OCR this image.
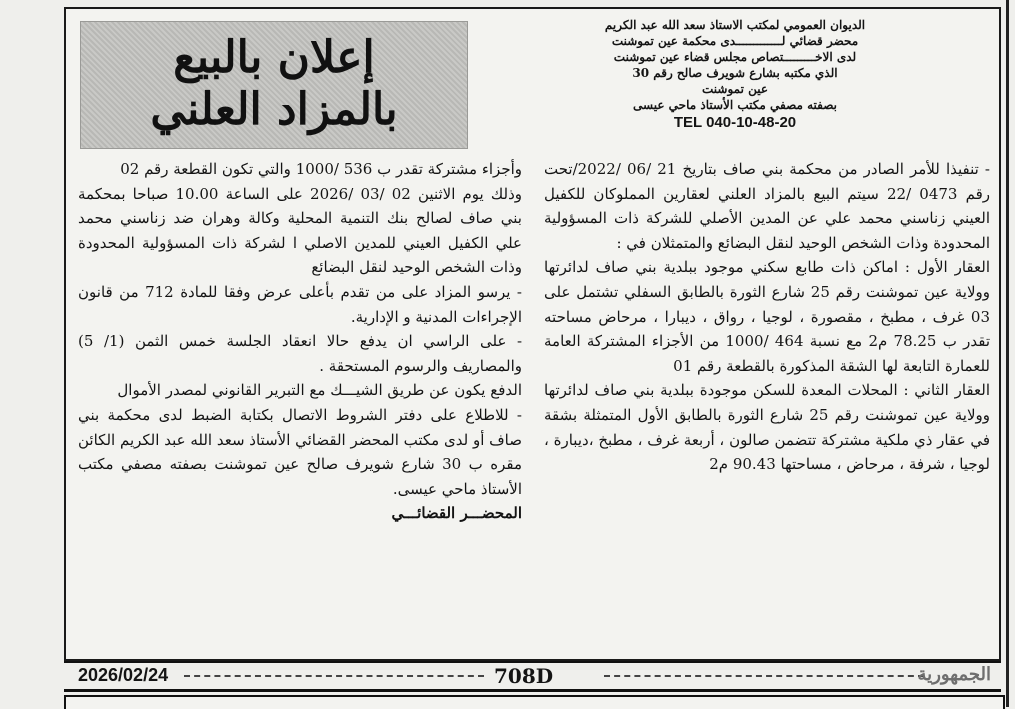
إعلان بالبيع
بالمزاد العلني
الديوان العمومي لمكتب الاستاذ سعد الله عبد الكريم
محضر قضائي لـــــــــــــدى محكمة عين تموشنت
لدى الاخـــــــــتصاص مجلس قضاء عين تموشنت
الذي مكتبه بشارع شويرف صالح رقم 30
عين تموشنت
بصفته مصفي مكتب الأستاذ ماحي عيسى
TEL 040-10-48-20

- تنفيذا للأمر الصادر من محكمة بني صاف بتاريخ 21 /06 /2022/تحت رقم 0473 /22 سيتم البيع بالمزاد العلني لعقارين المملوكان للكفيل العيني زناسني محمد علي عن المدين الأصلي للشركة ذات المسؤولية المحدودة وذات الشخص الوحيد لنقل البضائع والمتمثلان في :

العقار الأول : اماكن ذات طابع سكني موجود ببلدية بني صاف لدائرتها وولاية عين تموشنت رقم 25 شارع الثورة بالطابق السفلي تشتمل على 03 غرف ، مطبخ ، مقصورة ، لوجيا ، رواق ، ديبارا ، مرحاض مساحته تقدر ب 78.25 م2 مع نسبة 464 /1000 من الأجزاء المشتركة العامة للعمارة التابعة لها الشقة المذكورة بالقطعة رقم 01

العقار الثاني : المحلات المعدة للسكن موجودة ببلدية بني صاف لدائرتها وولاية عين تموشنت رقم 25 شارع الثورة بالطابق الأول المتمثلة بشقة في عقار ذي ملكية مشتركة تتضمن صالون ، أربعة غرف ، مطبخ ،ديبارة ، لوجيا ، شرفة ، مرحاض ، مساحتها 90.43 م2

وأجزاء مشتركة تقدر ب 536 /1000 والتي تكون القطعة رقم 02

وذلك يوم الاثنين 02 /03 /2026 على الساعة 10.00 صباحا بمحكمة بني صاف لصالح بنك التنمية المحلية وكالة وهران ضد زناسني محمد علي الكفيل العيني للمدين الاصلي ا لشركة ذات المسؤولية المحدودة وذات الشخص الوحيد لنقل البضائع

- يرسو المزاد على من تقدم بأعلى عرض وفقا للمادة 712 من قانون الإجراءات المدنية و الإدارية.

- على الراسي ان يدفع حالا انعقاد الجلسة خمس الثمن (1/ 5) والمصاريف والرسوم المستحقة .

الدفع يكون عن طريق الشيـــك مع التبرير القانوني لمصدر الأموال

- للاطلاع على دفتر الشروط الاتصال بكتابة الضبط لدى محكمة بني صاف أو لدى مكتب المحضر القضائي الأستاذ سعد الله عبد الكريم الكائن مقره ب 30 شارع شويرف صالح عين تموشنت بصفته مصفي مكتب الأستاذ ماحي عيسى.

المحضـــر القضائـــي
2026/02/24	708D	الجمهورية
